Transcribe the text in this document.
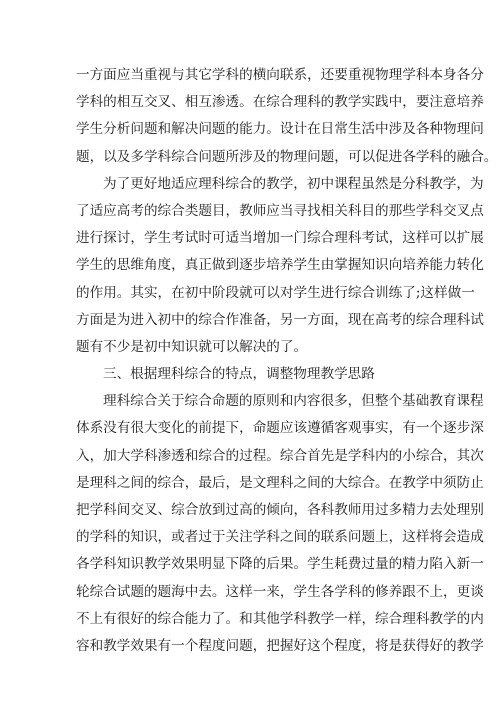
一方面应当重视与其它学科的横向联系，还要重视物理学科本身各分
学科的相互交叉、相互渗透。在综合理科的教学实践中，要注意培养
学生分析问题和解决问题的能力。设计在日常生活中涉及各种物理问
题，以及多学科综合问题所涉及的物理问题，可以促进各学科的融合。
为了更好地适应理科综合的教学，初中课程虽然是分科教学，为
了适应高考的综合类题目，教师应当寻找相关科目的那些学科交叉点
进行探讨，学生考试时可适当增加一门综合理科考试，这样可以扩展
学生的思维角度，真正做到逐步培养学生由掌握知识向培养能力转化
的作用。其实，在初中阶段就可以对学生进行综合训练了;这样做一
方面是为进入初中的综合作准备，另一方面，现在高考的综合理科试
题有不少是初中知识就可以解决的了。
三、根据理科综合的特点，调整物理教学思路
理科综合关于综合命题的原则和内容很多，但整个基础教育课程
体系没有很大变化的前提下，命题应该遵循客观事实，有一个逐步深
入，加大学科渗透和综合的过程。综合首先是学科内的小综合，其次
是理科之间的综合，最后，是文理科之间的大综合。在教学中须防止
把学科间交叉、综合放到过高的倾向，各科教师用过多精力去处理别
的学科的知识，或者过于关注学科之间的联系问题上，这样将会造成
各学科知识教学效果明显下降的后果。学生耗费过量的精力陷入新一
轮综合试题的题海中去。这样一来，学生各学科的修养跟不上，更谈
不上有很好的综合能力了。和其他学科教学一样，综合理科教学的内
容和教学效果有一个程度问题，把握好这个程度，将是获得好的教学
